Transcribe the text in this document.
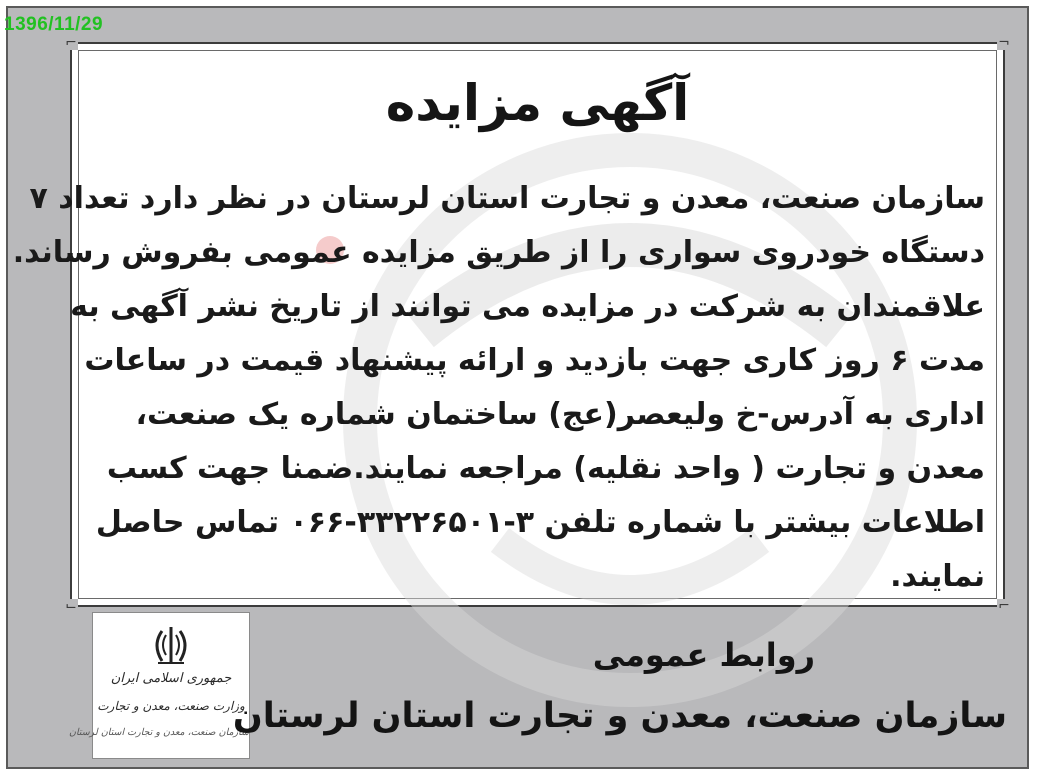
1396/11/29
⌐	¬
⌙	⌐
آگهی مزایده
سازمان صنعت، معدن و تجارت استان لرستان در نظر دارد تعداد ۷
دستگاه خودروی سواری را از طریق مزایده عمومی بفروش رساند.
علاقمندان به شرکت در مزایده می توانند از تاریخ نشر آگهی به
مدت ۶ روز کاری جهت بازدید و ارائه پیشنهاد قیمت در ساعات
اداری به آدرس-خ ولیعصر(عج) ساختمان شماره یک صنعت،
معدن و تجارت ( واحد نقلیه) مراجعه نمایند.ضمنا جهت کسب
اطلاعات بیشتر با شماره تلفن ۳-۳۳۲۲۶۵۰۱-۰۶۶ تماس حاصل
نمایند.
جمهوری اسلامی ایران
وزارت صنعت، معدن و تجارت
سازمان صنعت، معدن و تجارت استان لرستان
روابط عمومی
سازمان صنعت، معدن و تجارت استان لرستان
